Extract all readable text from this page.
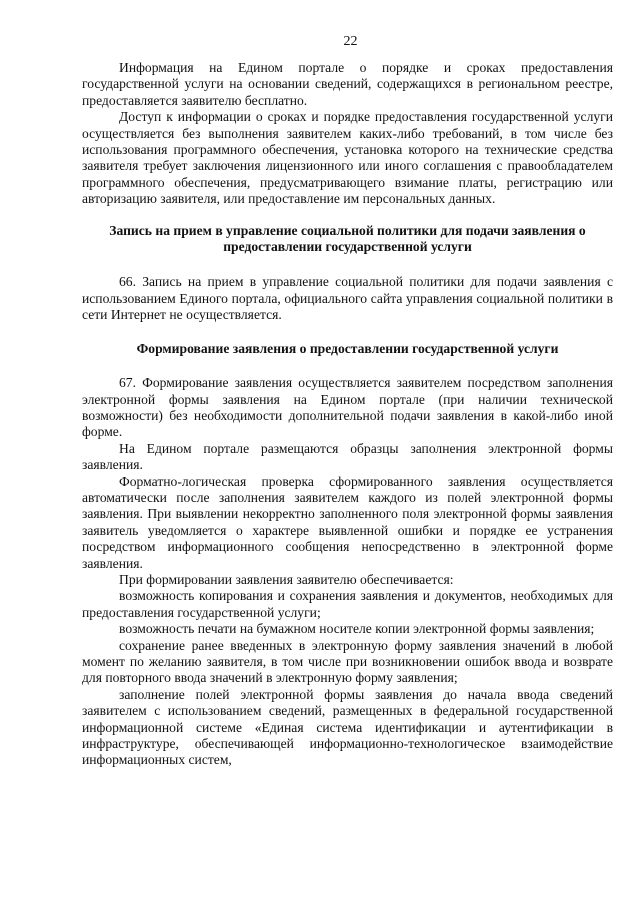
22

Информация на Едином портале о порядке и сроках предоставления государственной услуги на основании сведений, содержащихся в региональном реестре, предоставляется заявителю бесплатно.

Доступ к информации о сроках и порядке предоставления государственной услуги осуществляется без выполнения заявителем каких-либо требований, в том числе без использования программного обеспечения, установка которого на технические средства заявителя требует заключения лицензионного или иного соглашения с правообладателем программного обеспечения, предусматривающего взимание платы, регистрацию или авторизацию заявителя, или предоставление им персональных данных.

Запись на прием в управление социальной политики для подачи заявления о предоставлении государственной услуги

66. Запись на прием в управление социальной политики для подачи заявления с использованием Единого портала, официального сайта управления социальной политики в сети Интернет не осуществляется.

Формирование заявления о предоставлении государственной услуги

67. Формирование заявления осуществляется заявителем посредством заполнения электронной формы заявления на Едином портале (при наличии технической возможности) без необходимости дополнительной подачи заявления в какой-либо иной форме.

На Едином портале размещаются образцы заполнения электронной формы заявления.

Форматно-логическая проверка сформированного заявления осуществляется автоматически после заполнения заявителем каждого из полей электронной формы заявления. При выявлении некорректно заполненного поля электронной формы заявления заявитель уведомляется о характере выявленной ошибки и порядке ее устранения посредством информационного сообщения непосредственно в электронной форме заявления.

При формировании заявления заявителю обеспечивается:

возможность копирования и сохранения заявления и документов, необходимых для предоставления государственной услуги;

возможность печати на бумажном носителе копии электронной формы заявления;

сохранение ранее введенных в электронную форму заявления значений в любой момент по желанию заявителя, в том числе при возникновении ошибок ввода и возврате для повторного ввода значений в электронную форму заявления;

заполнение полей электронной формы заявления до начала ввода сведений заявителем с использованием сведений, размещенных в федеральной государственной информационной системе «Единая система идентификации и аутентификации в инфраструктуре, обеспечивающей информационно-технологическое взаимодействие информационных систем,
